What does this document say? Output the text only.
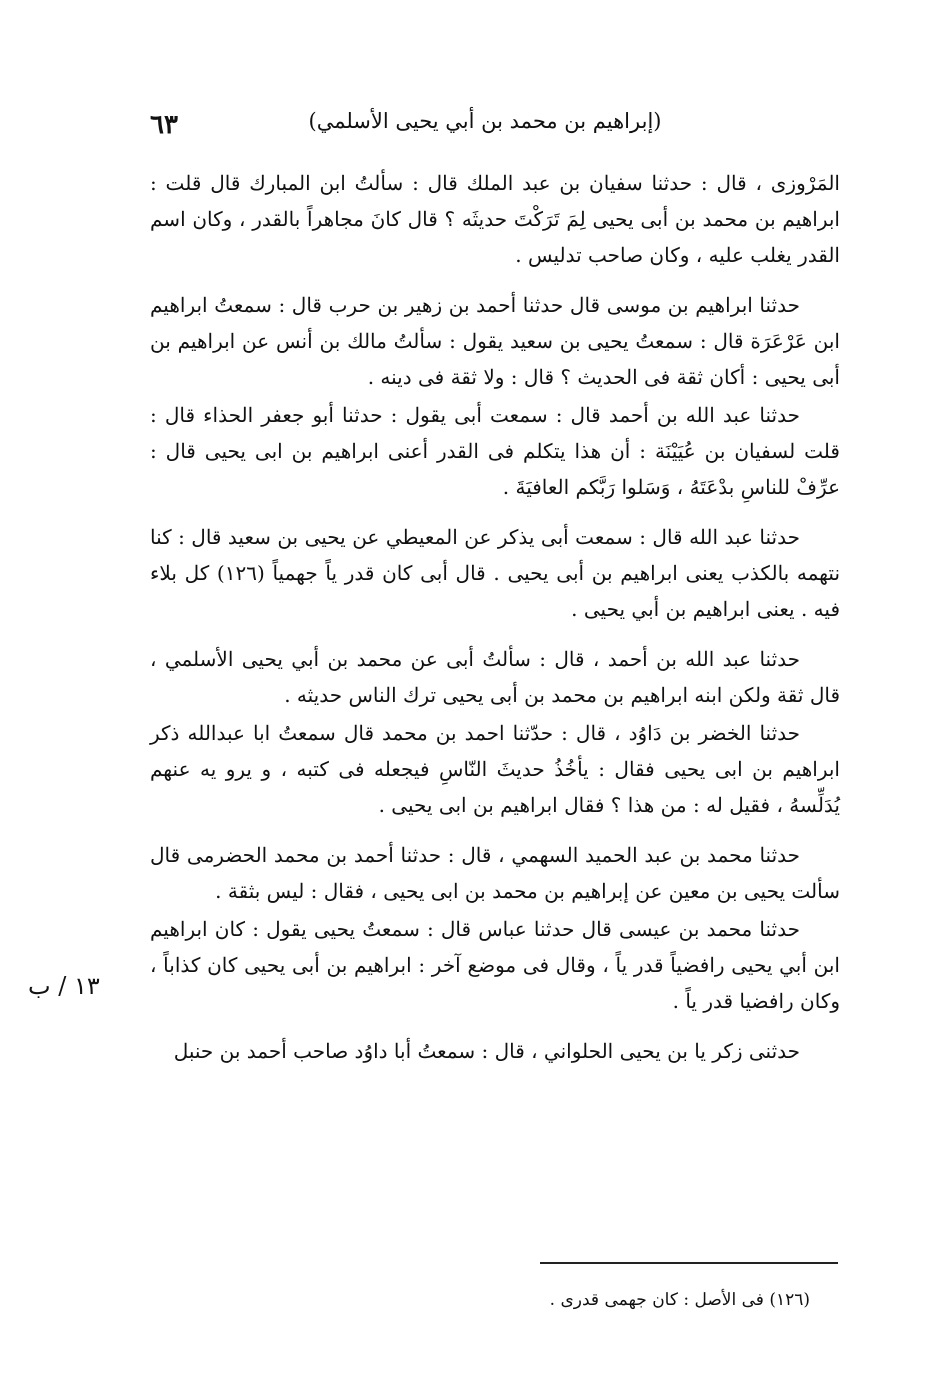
٦٣	(إبراهيم بن محمد بن أبي يحيى الأسلمي)
١٣ / ب

المَرْوزى ، قال : حدثنا سفيان بن عبد الملك قال : سألتُ ابن المبارك قال قلت : ابراهيم بن محمد بن أبى يحيى لِمَ تَرَكْتَ حديثَه ؟ قال كانَ مجاهراً بالقدر ، وكان اسم القدر يغلب عليه ، وكان صاحب تدليس .

حدثنا ابراهيم بن موسى قال حدثنا أحمد بن زهير بن حرب قال : سمعتُ ابراهيم ابن عَرْعَرَة قال : سمعتُ يحيى بن سعيد يقول : سألتُ مالك بن أنس عن ابراهيم بن أبى يحيى : أكان ثقة فى الحديث ؟ قال : ولا ثقة فى دينه .

حدثنا عبد الله بن أحمد قال : سمعت أبى يقول : حدثنا أبو جعفر الحذاء قال : قلت لسفيان بن عُيَيْنَة : أن هذا يتكلم فى القدر أعنى ابراهيم بن ابى يحيى قال : عرِّفْ للناسِ بدْعَتَهُ ، وَسَلوا رَبَّكم العافيَةَ .

حدثنا عبد الله قال : سمعت أبى يذكر عن المعيطي عن يحيى بن سعيد قال : كنا نتهمه بالكذب يعنى ابراهيم بن أبى يحيى . قال أبى كان قدر ياً جهمياً (١٢٦) كل بلاء فيه . يعنى ابراهيم بن أبي يحيى .

حدثنا عبد الله بن أحمد ، قال : سألتُ أبى عن محمد بن أبي يحيى الأسلمي ، قال ثقة ولكن ابنه ابراهيم بن محمد بن أبى يحيى ترك الناس حديثه .

حدثنا الخضر بن دَاوُد ، قال : حدّثنا احمد بن محمد قال سمعتُ ابا عبدالله ذكر ابراهيم بن ابى يحيى فقال : يأخُذُ حديثَ النّاسِ فيجعله فى كتبه ، و يرو يه عنهم يُدَلِّسهُ ، فقيل له : من هذا ؟ فقال ابراهيم بن ابى يحيى .

حدثنا محمد بن عبد الحميد السهمي ، قال : حدثنا أحمد بن محمد الحضرمى قال سألت يحيى بن معين عن إبراهيم بن محمد بن ابى يحيى ، فقال : ليس بثقة .

حدثنا محمد بن عيسى قال حدثنا عباس قال : سمعتُ يحيى يقول : كان ابراهيم ابن أبي يحيى رافضياً قدر ياً ، وقال فى موضع آخر : ابراهيم بن أبى يحيى كان كذاباً ، وكان رافضيا قدر ياً .

حدثنى زكر يا بن يحيى الحلواني ، قال : سمعتُ أبا داوُد صاحب أحمد بن حنبل

(١٢٦) فى الأصل : كان جهمى قدرى .
